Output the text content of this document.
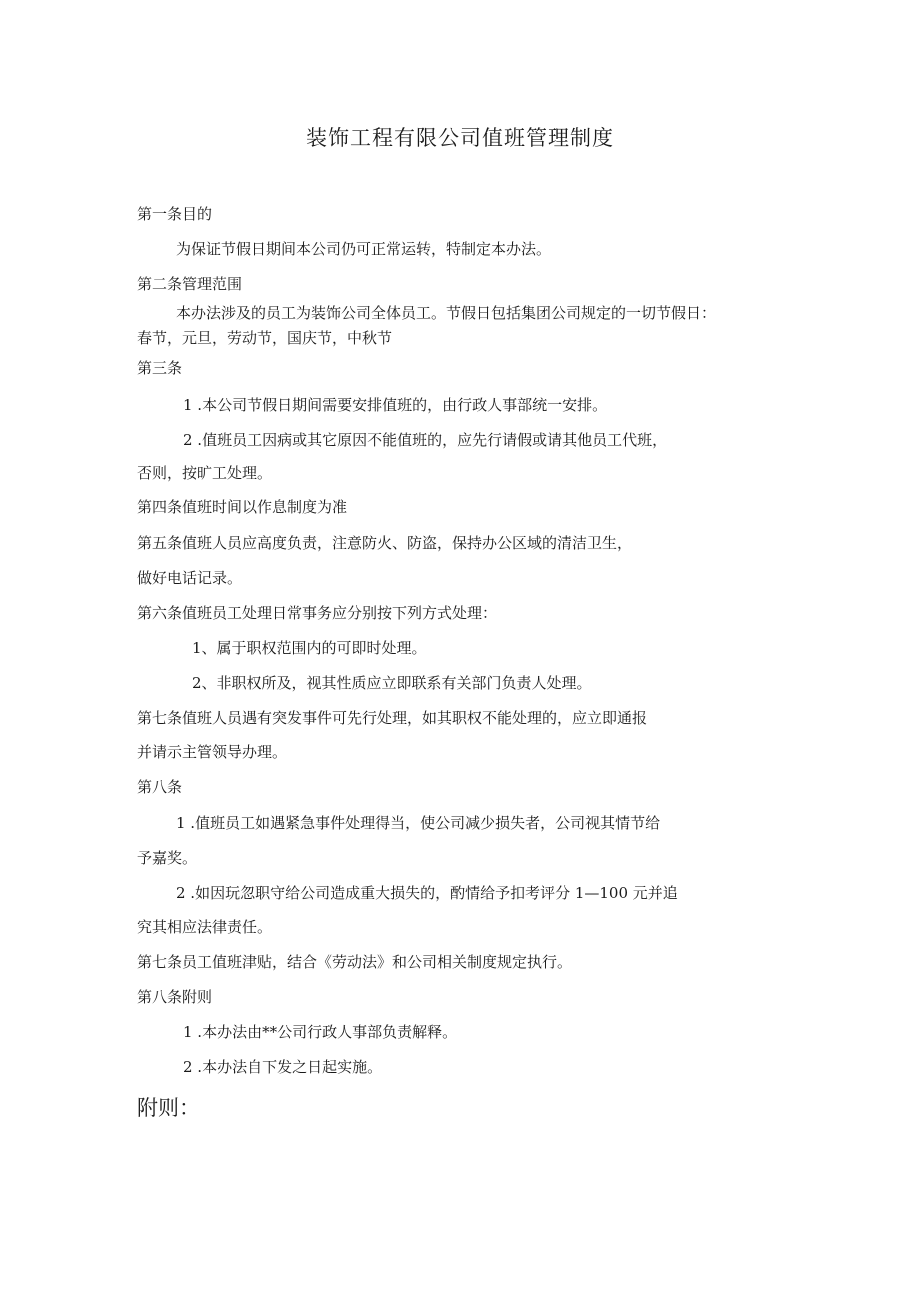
装饰工程有限公司值班管理制度
第一条目的
为保证节假日期间本公司仍可正常运转，特制定本办法。
第二条管理范围
本办法涉及的员工为装饰公司全体员工。节假日包括集团公司规定的一切节假日：
春节，元旦，劳动节，国庆节，中秋节
第三条
1 .本公司节假日期间需要安排值班的，由行政人事部统一安排。
2 .值班员工因病或其它原因不能值班的，应先行请假或请其他员工代班，
否则，按旷工处理。
第四条值班时间以作息制度为准
第五条值班人员应高度负责，注意防火、防盗，保持办公区域的清洁卫生，
做好电话记录。
第六条值班员工处理日常事务应分别按下列方式处理：
1、属于职权范围内的可即时处理。
2、非职权所及，视其性质应立即联系有关部门负责人处理。
第七条值班人员遇有突发事件可先行处理，如其职权不能处理的，应立即通报
并请示主管领导办理。
第八条
1 .值班员工如遇紧急事件处理得当，使公司减少损失者，公司视其情节给
予嘉奖。
2 .如因玩忽职守给公司造成重大损失的，酌情给予扣考评分 1—100 元并追
究其相应法律责任。
第七条员工值班津贴，结合《劳动法》和公司相关制度规定执行。
第八条附则
1 .本办法由**公司行政人事部负责解释。
2 .本办法自下发之日起实施。
附则：
